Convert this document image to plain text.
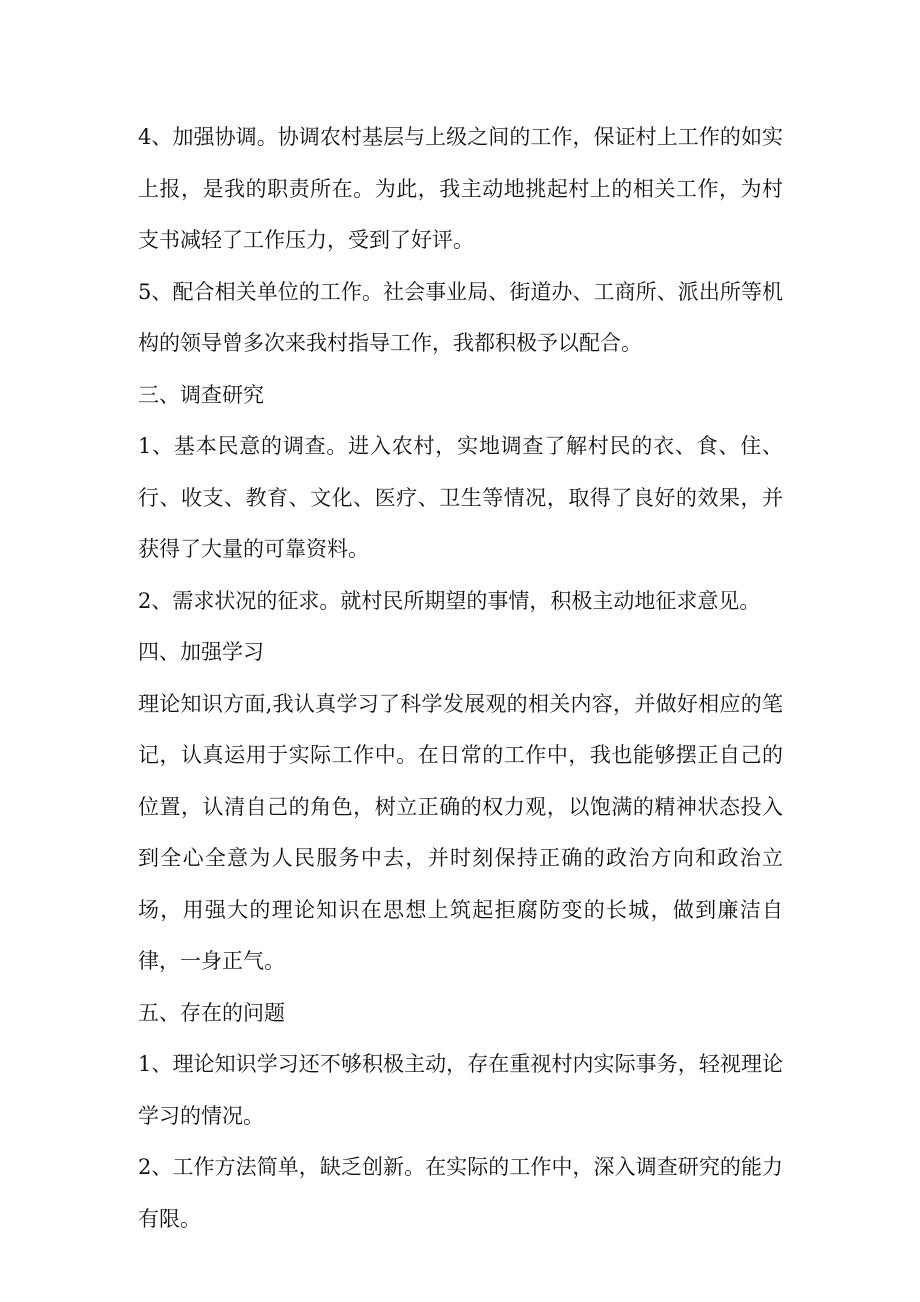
4、加强协调。协调农村基层与上级之间的工作，保证村上工作的如实上报，是我的职责所在。为此，我主动地挑起村上的相关工作，为村支书减轻了工作压力，受到了好评。

5、配合相关单位的工作。社会事业局、街道办、工商所、派出所等机构的领导曾多次来我村指导工作，我都积极予以配合。

三、调查研究

1、基本民意的调查。进入农村，实地调查了解村民的衣、食、住、行、收支、教育、文化、医疗、卫生等情况，取得了良好的效果，并获得了大量的可靠资料。

2、需求状况的征求。就村民所期望的事情，积极主动地征求意见。

四、加强学习

理论知识方面,我认真学习了科学发展观的相关内容，并做好相应的笔记，认真运用于实际工作中。在日常的工作中，我也能够摆正自己的位置，认清自己的角色，树立正确的权力观，以饱满的精神状态投入到全心全意为人民服务中去，并时刻保持正确的政治方向和政治立场，用强大的理论知识在思想上筑起拒腐防变的长城，做到廉洁自律，一身正气。

五、存在的问题

1、理论知识学习还不够积极主动，存在重视村内实际事务，轻视理论学习的情况。

2、工作方法简单，缺乏创新。在实际的工作中，深入调查研究的能力有限。
